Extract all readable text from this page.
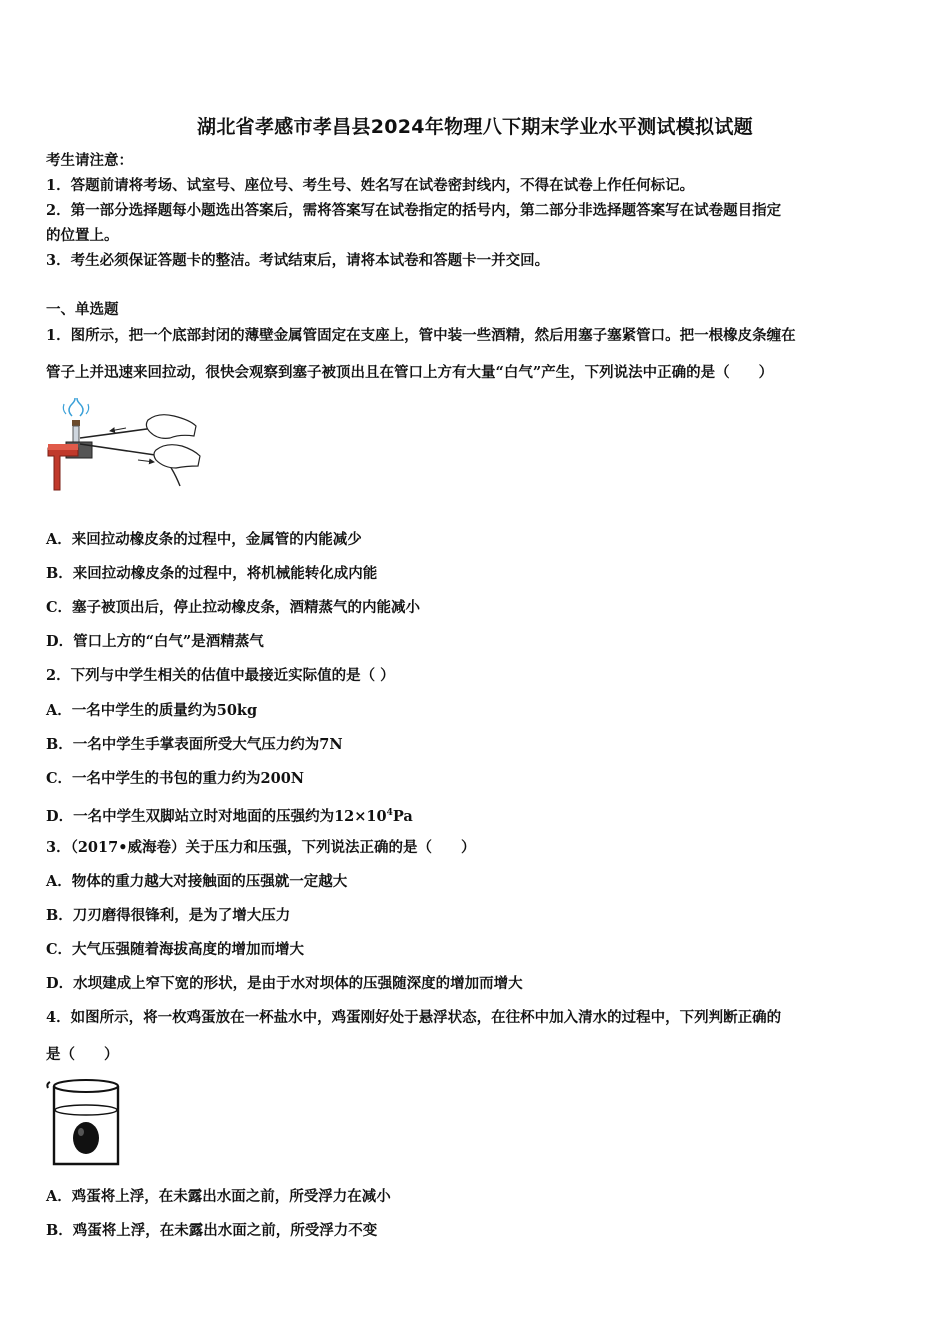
湖北省孝感市孝昌县2024年物理八下期末学业水平测试模拟试题
考生请注意：
1．答题前请将考场、试室号、座位号、考生号、姓名写在试卷密封线内，不得在试卷上作任何标记。
2．第一部分选择题每小题选出答案后，需将答案写在试卷指定的括号内，第二部分非选择题答案写在试卷题目指定
的位置上。
3．考生必须保证答题卡的整洁。考试结束后，请将本试卷和答题卡一并交回。
一、单选题
1．图所示，把一个底部封闭的薄壁金属管固定在支座上，管中装一些酒精，然后用塞子塞紧管口。把一根橡皮条缠在
管子上并迅速来回拉动，很快会观察到塞子被顶出且在管口上方有大量“白气”产生，下列说法中正确的是（　　）
A．来回拉动橡皮条的过程中，金属管的内能减少
B．来回拉动橡皮条的过程中，将机械能转化成内能
C．塞子被顶出后，停止拉动橡皮条，酒精蒸气的内能减小
D．管口上方的“白气”是酒精蒸气
2．下列与中学生相关的估值中最接近实际值的是（ ）
A．一名中学生的质量约为50kg
B．一名中学生手掌表面所受大气压力约为7N
C．一名中学生的书包的重力约为200N
D．一名中学生双脚站立时对地面的压强约为$12\times 10^4Pa$
3．（2017•威海卷）关于压力和压强，下列说法正确的是（　　）
A．物体的重力越大对接触面的压强就一定越大
B．刀刃磨得很锋利，是为了增大压力
C．大气压强随着海拔高度的增加而增大
D．水坝建成上窄下宽的形状，是由于水对坝体的压强随深度的增加而增大
4．如图所示，将一枚鸡蛋放在一杯盐水中，鸡蛋刚好处于悬浮状态，在往杯中加入清水的过程中，下列判断正确的
是（　　）
A．鸡蛋将上浮，在未露出水面之前，所受浮力在减小
B．鸡蛋将上浮，在未露出水面之前，所受浮力不变
